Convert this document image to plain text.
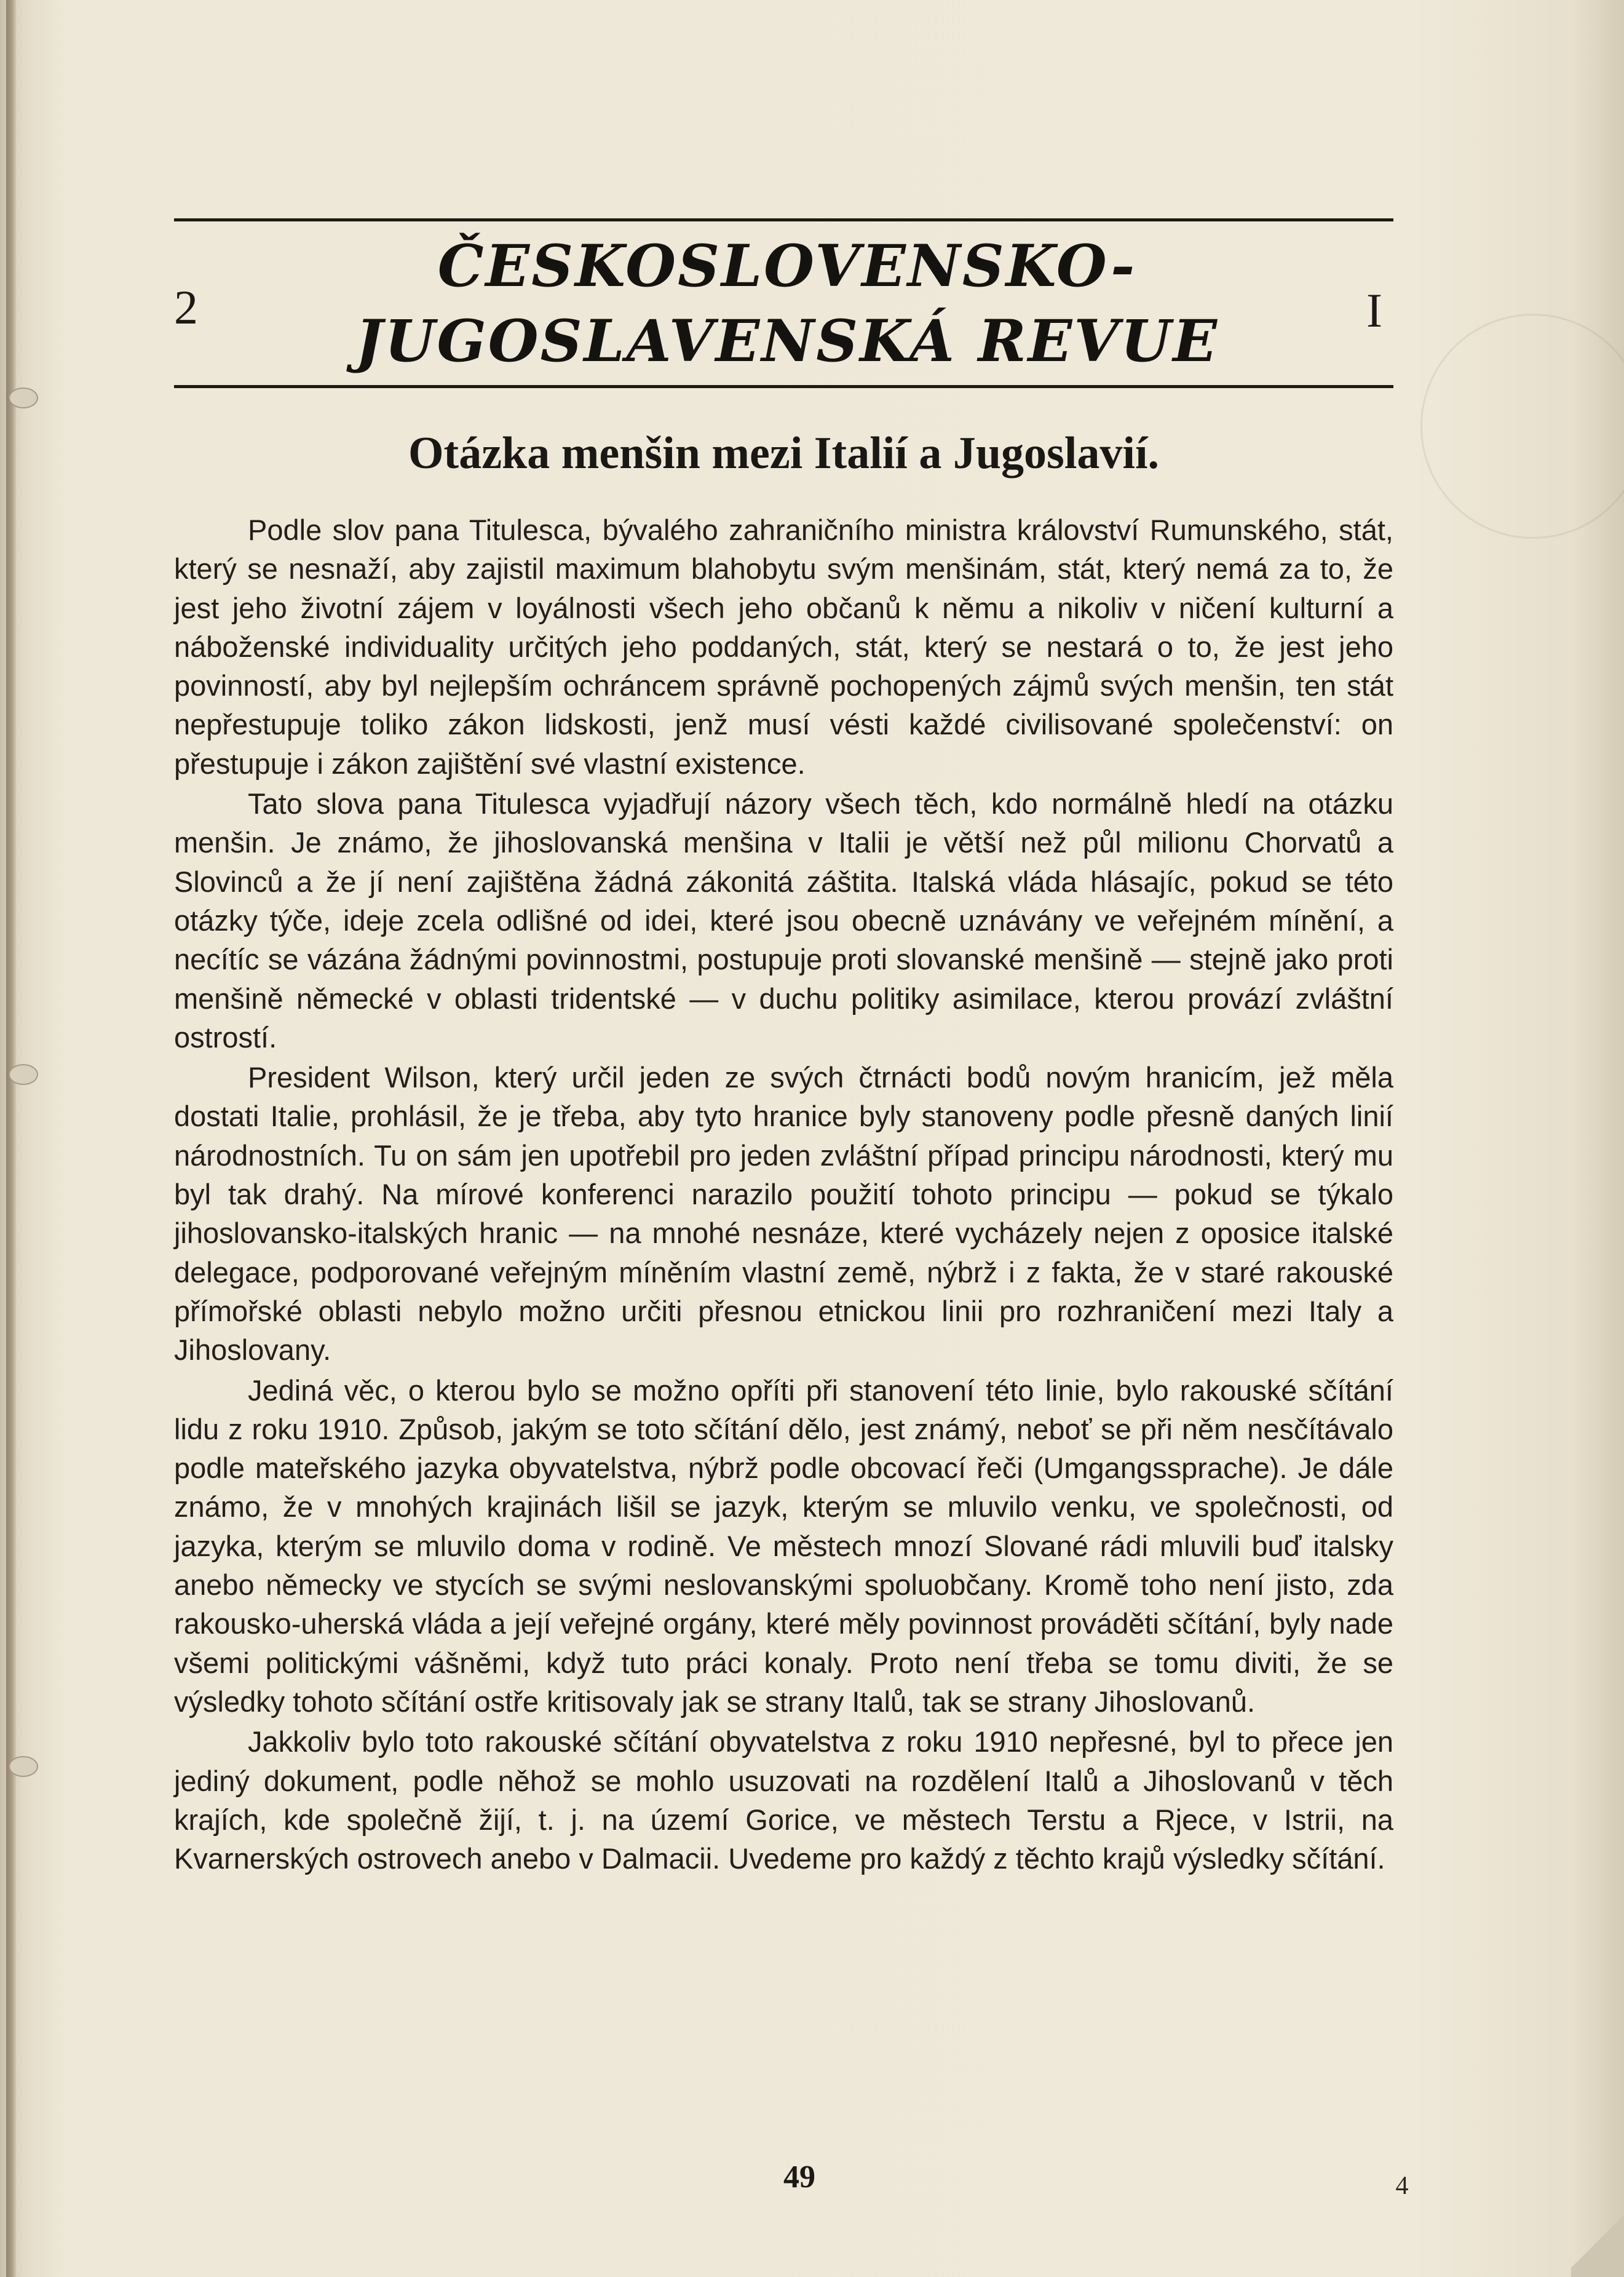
2
ČESKOSLOVENSKO-
JUGOSLAVENSKÁ REVUE	I
Otázka menšin mezi Italií a Jugoslavií.

Podle slov pana Titulesca, bývalého zahraničního ministra království Rumunského, stát, který se nesnaží, aby zajistil maximum blahobytu svým menšinám, stát, který nemá za to, že jest jeho životní zájem v loyálnosti všech jeho občanů k němu a nikoliv v ničení kulturní a náboženské individuality určitých jeho poddaných, stát, který se nestará o to, že jest jeho povinností, aby byl nejlepším ochráncem správně pochopených zájmů svých menšin, ten stát nepřestupuje toliko zákon lidskosti, jenž musí vésti každé civilisované společenství: on přestupuje i zákon zajištění své vlastní existence.

Tato slova pana Titulesca vyjadřují názory všech těch, kdo normálně hledí na otázku menšin. Je známo, že jihoslovanská menšina v Italii je větší než půl milionu Chorvatů a Slovinců a že jí není zajištěna žádná zákonitá záštita. Italská vláda hlásajíc, pokud se této otázky týče, ideje zcela odlišné od idei, které jsou obecně uznávány ve veřejném mínění, a necítíc se vázána žádnými povinnostmi, postupuje proti slovanské menšině — stejně jako proti menšině německé v oblasti tridentské — v duchu politiky asimilace, kterou provází zvláštní ostrostí.

President Wilson, který určil jeden ze svých čtrnácti bodů novým hranicím, jež měla dostati Italie, prohlásil, že je třeba, aby tyto hranice byly stanoveny podle přesně daných linií národnostních. Tu on sám jen upotřebil pro jeden zvláštní případ principu národnosti, který mu byl tak drahý. Na mírové konferenci narazilo použití tohoto principu — pokud se týkalo jihoslovansko-italských hranic — na mnohé nesnáze, které vycházely nejen z oposice italské delegace, podporované veřejným míněním vlastní země, nýbrž i z fakta, že v staré rakouské přímořské oblasti nebylo možno určiti přesnou etnickou linii pro rozhraničení mezi Italy a Jihoslovany.

Jediná věc, o kterou bylo se možno opříti při stanovení této linie, bylo rakouské sčítání lidu z roku 1910. Způsob, jakým se toto sčítání dělo, jest známý, neboť se při něm nesčítávalo podle mateřského jazyka obyvatelstva, nýbrž podle obcovací řeči (Umgangssprache). Je dále známo, že v mnohých krajinách lišil se jazyk, kterým se mluvilo venku, ve společnosti, od jazyka, kterým se mluvilo doma v rodině. Ve městech mnozí Slované rádi mluvili buď italsky anebo německy ve stycích se svými neslovanskými spoluobčany. Kromě toho není jisto, zda rakousko-uherská vláda a její veřejné orgány, které měly povinnost prováděti sčítání, byly nade všemi politickými vášněmi, když tuto práci konaly. Proto není třeba se tomu diviti, že se výsledky tohoto sčítání ostře kritisovaly jak se strany Italů, tak se strany Jihoslovanů.

Jakkoliv bylo toto rakouské sčítání obyvatelstva z roku 1910 nepřesné, byl to přece jen jediný dokument, podle něhož se mohlo usuzovati na rozdělení Italů a Jihoslovanů v těch krajích, kde společně žijí, t. j. na území Gorice, ve městech Terstu a Rjece, v Istrii, na Kvarnerských ostrovech anebo v Dalmacii. Uvedeme pro každý z těchto krajů výsledky sčítání.

49	4
